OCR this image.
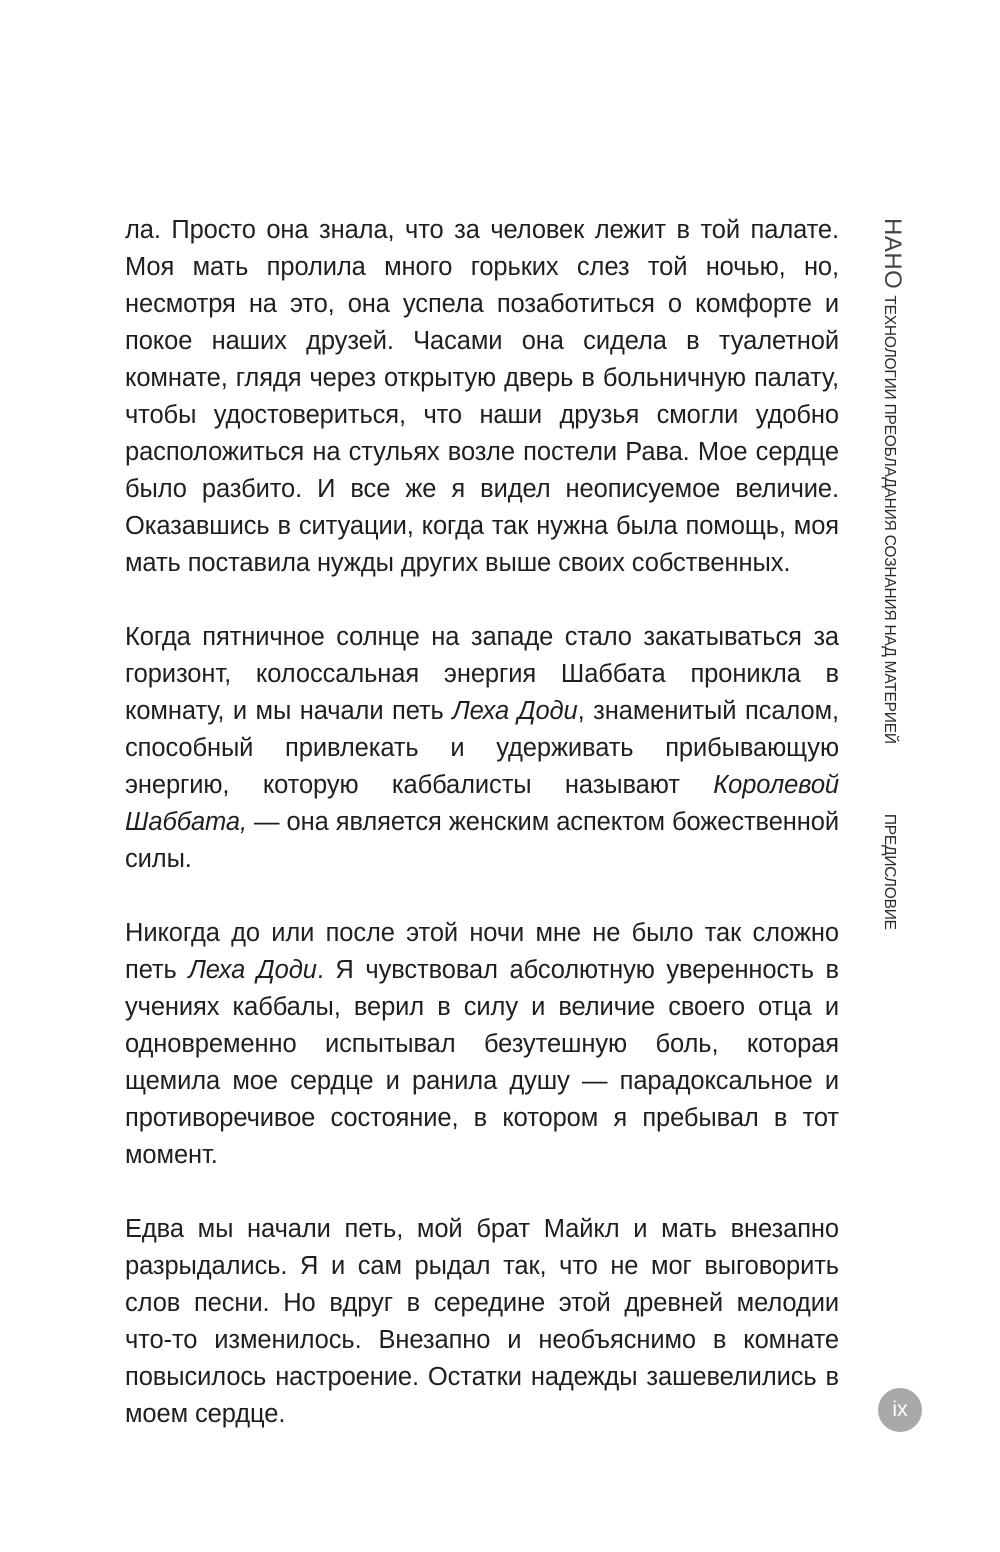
ла. Просто она знала, что за человек лежит в той палате. Моя мать пролила много горьких слез той ночью, но, несмотря на это, она успела позаботиться о комфорте и покое наших друзей. Часами она сидела в туалетной комнате, глядя через открытую дверь в больничную палату, чтобы удостовериться, что наши друзья смогли удобно расположиться на стульях возле постели Рава. Мое сердце было разбито. И все же я видел неописуемое величие. Оказавшись в ситуации, когда так нужна была помощь, моя мать поставила нужды других выше своих собственных.

Когда пятничное солнце на западе стало закатываться за горизонт, колоссальная энергия Шаббата проникла в комнату, и мы начали петь Леха Доди, знаменитый псалом, способный привлекать и удерживать прибывающую энергию, которую каббалисты называют Королевой Шаббата, — она является женским аспектом божественной силы.

Никогда до или после этой ночи мне не было так сложно петь Леха Доди. Я чувствовал абсолютную уверенность в учениях каббалы, верил в силу и величие своего отца и одновременно испытывал безутешную боль, которая щемила мое сердце и ранила душу — парадоксальное и противоречивое состояние, в котором я пребывал в тот момент.

Едва мы начали петь, мой брат Майкл и мать внезапно разрыдались. Я и сам рыдал так, что не мог выговорить слов песни. Но вдруг в середине этой древней мелодии что-то изменилось. Внезапно и необъяснимо в комнате повысилось настроение. Остатки надежды зашевелились в моем сердце.

НАНО
ТЕХНОЛОГИИ ПРЕОБЛАДАНИЯ СОЗНАНИЯ НАД МАТЕРИЕЙ
ПРЕДИСЛОВИЕ
ix
